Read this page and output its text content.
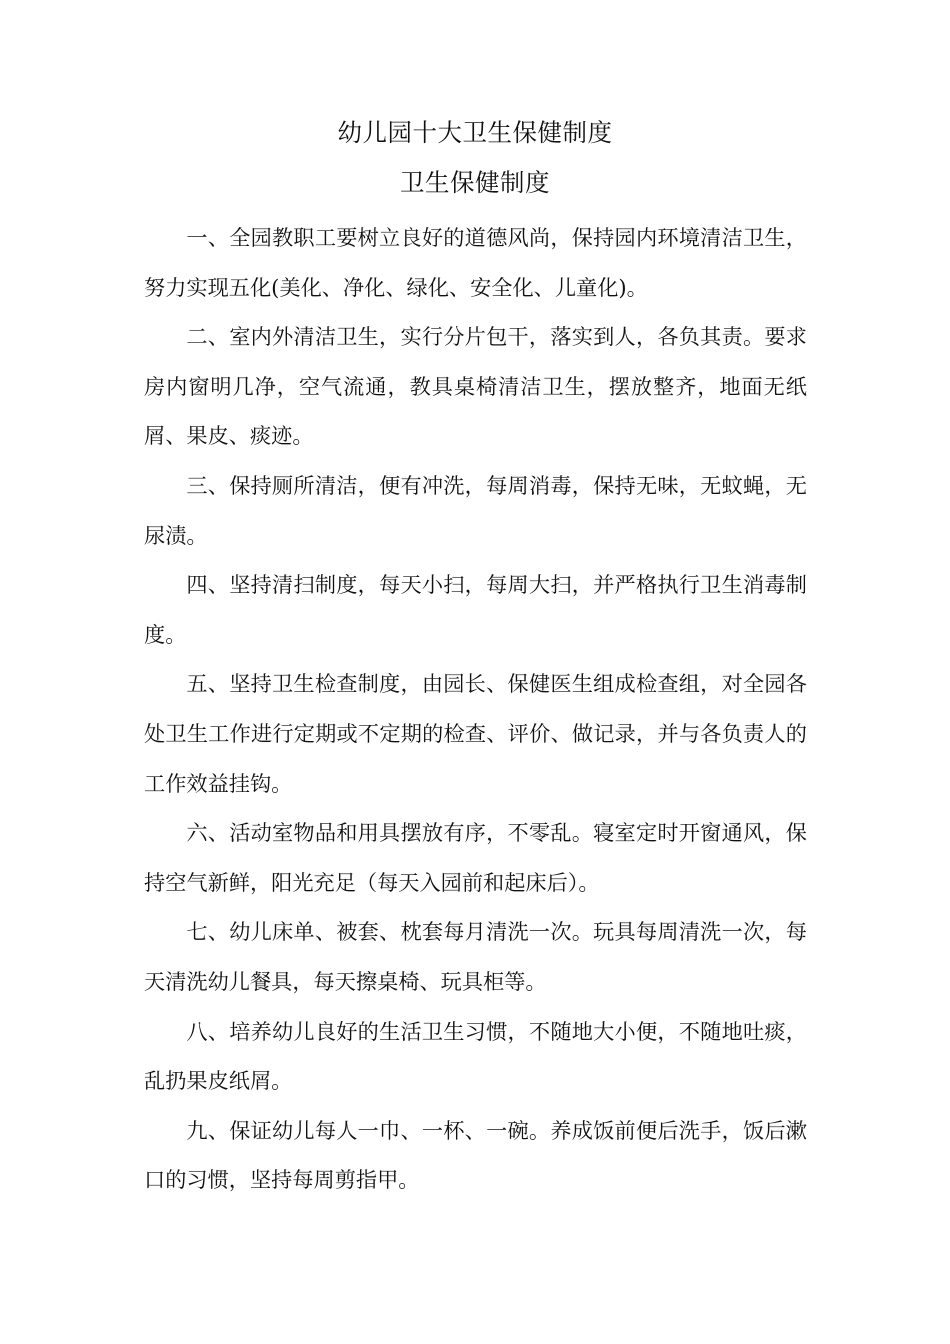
幼儿园十大卫生保健制度
卫生保健制度

一、全园教职工要树立良好的道德风尚，保持园内环境清洁卫生，努力实现五化(美化、净化、绿化、安全化、儿童化)。

二、室内外清洁卫生，实行分片包干，落实到人，各负其责。要求房内窗明几净，空气流通，教具桌椅清洁卫生，摆放整齐，地面无纸屑、果皮、痰迹。

三、保持厕所清洁，便有冲洗，每周消毒，保持无味，无蚊蝇，无尿渍。

四、坚持清扫制度，每天小扫，每周大扫，并严格执行卫生消毒制度。

五、坚持卫生检查制度，由园长、保健医生组成检查组，对全园各处卫生工作进行定期或不定期的检查、评价、做记录，并与各负责人的工作效益挂钩。

六、活动室物品和用具摆放有序，不零乱。寝室定时开窗通风，保持空气新鲜，阳光充足（每天入园前和起床后）。

七、幼儿床单、被套、枕套每月清洗一次。玩具每周清洗一次，每天清洗幼儿餐具，每天擦桌椅、玩具柜等。

八、培养幼儿良好的生活卫生习惯，不随地大小便，不随地吐痰，乱扔果皮纸屑。

九、保证幼儿每人一巾、一杯、一碗。养成饭前便后洗手，饭后漱口的习惯，坚持每周剪指甲。
